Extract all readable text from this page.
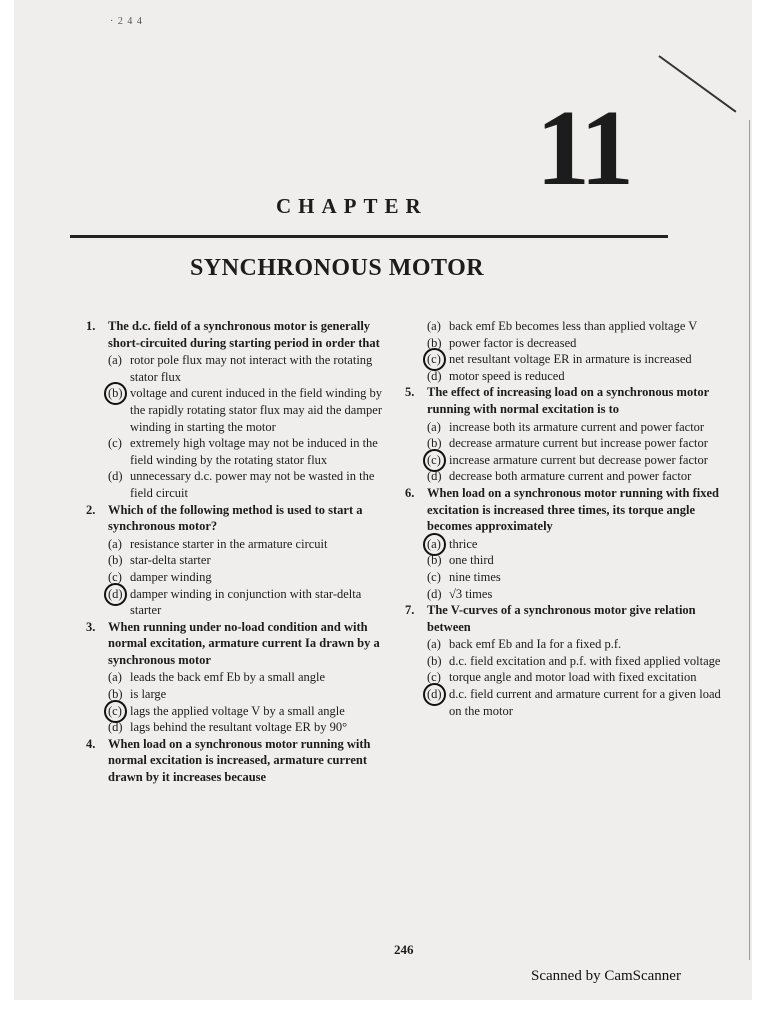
· 2 4 4
CHAPTER 11
SYNCHRONOUS MOTOR
1.	The d.c. field of a synchronous motor is generally short-circuited during starting period in order that
(a) rotor pole flux may not interact with the rotating stator flux
(b) voltage and curent induced in the field winding by the rapidly rotating stator flux may aid the damper winding in starting the motor
(c) extremely high voltage may not be induced in the field winding by the rotating stator flux
(d) unnecessary d.c. power may not be wasted in the field circuit
2.	Which of the following method is used to start a synchronous motor?
(a) resistance starter in the armature circuit
(b) star-delta starter
(c) damper winding
(d) damper winding in conjunction with star-delta starter
3.	When running under no-load condition and with normal excitation, armature current Ia drawn by a synchronous motor
(a) leads the back emf Eb by a small angle
(b) is large
(c) lags the applied voltage V by a small angle
(d) lags behind the resultant voltage ER by 90°
4.	When load on a synchronous motor running with normal excitation is increased, armature current drawn by it increases because
(a) back emf Eb becomes less than applied voltage V
(b) power factor is decreased
(c) net resultant voltage ER in armature is increased
(d) motor speed is reduced
5.	The effect of increasing load on a synchronous motor running with normal excitation is to
(a) increase both its armature current and power factor
(b) decrease armature current but increase power factor
(c) increase armature current but decrease power factor
(d) decrease both armature current and power factor
6.	When load on a synchronous motor running with fixed excitation is increased three times, its torque angle becomes approximately
(a) thrice
(b) one third
(c) nine times
(d) √3 times
7.	The V-curves of a synchronous motor give relation between
(a) back emf Eb and Ia for a fixed p.f.
(b) d.c. field excitation and p.f. with fixed applied voltage
(c) torque angle and motor load with fixed excitation
(d) d.c. field current and armature current for a given load on the motor
246
Scanned by CamScanner
